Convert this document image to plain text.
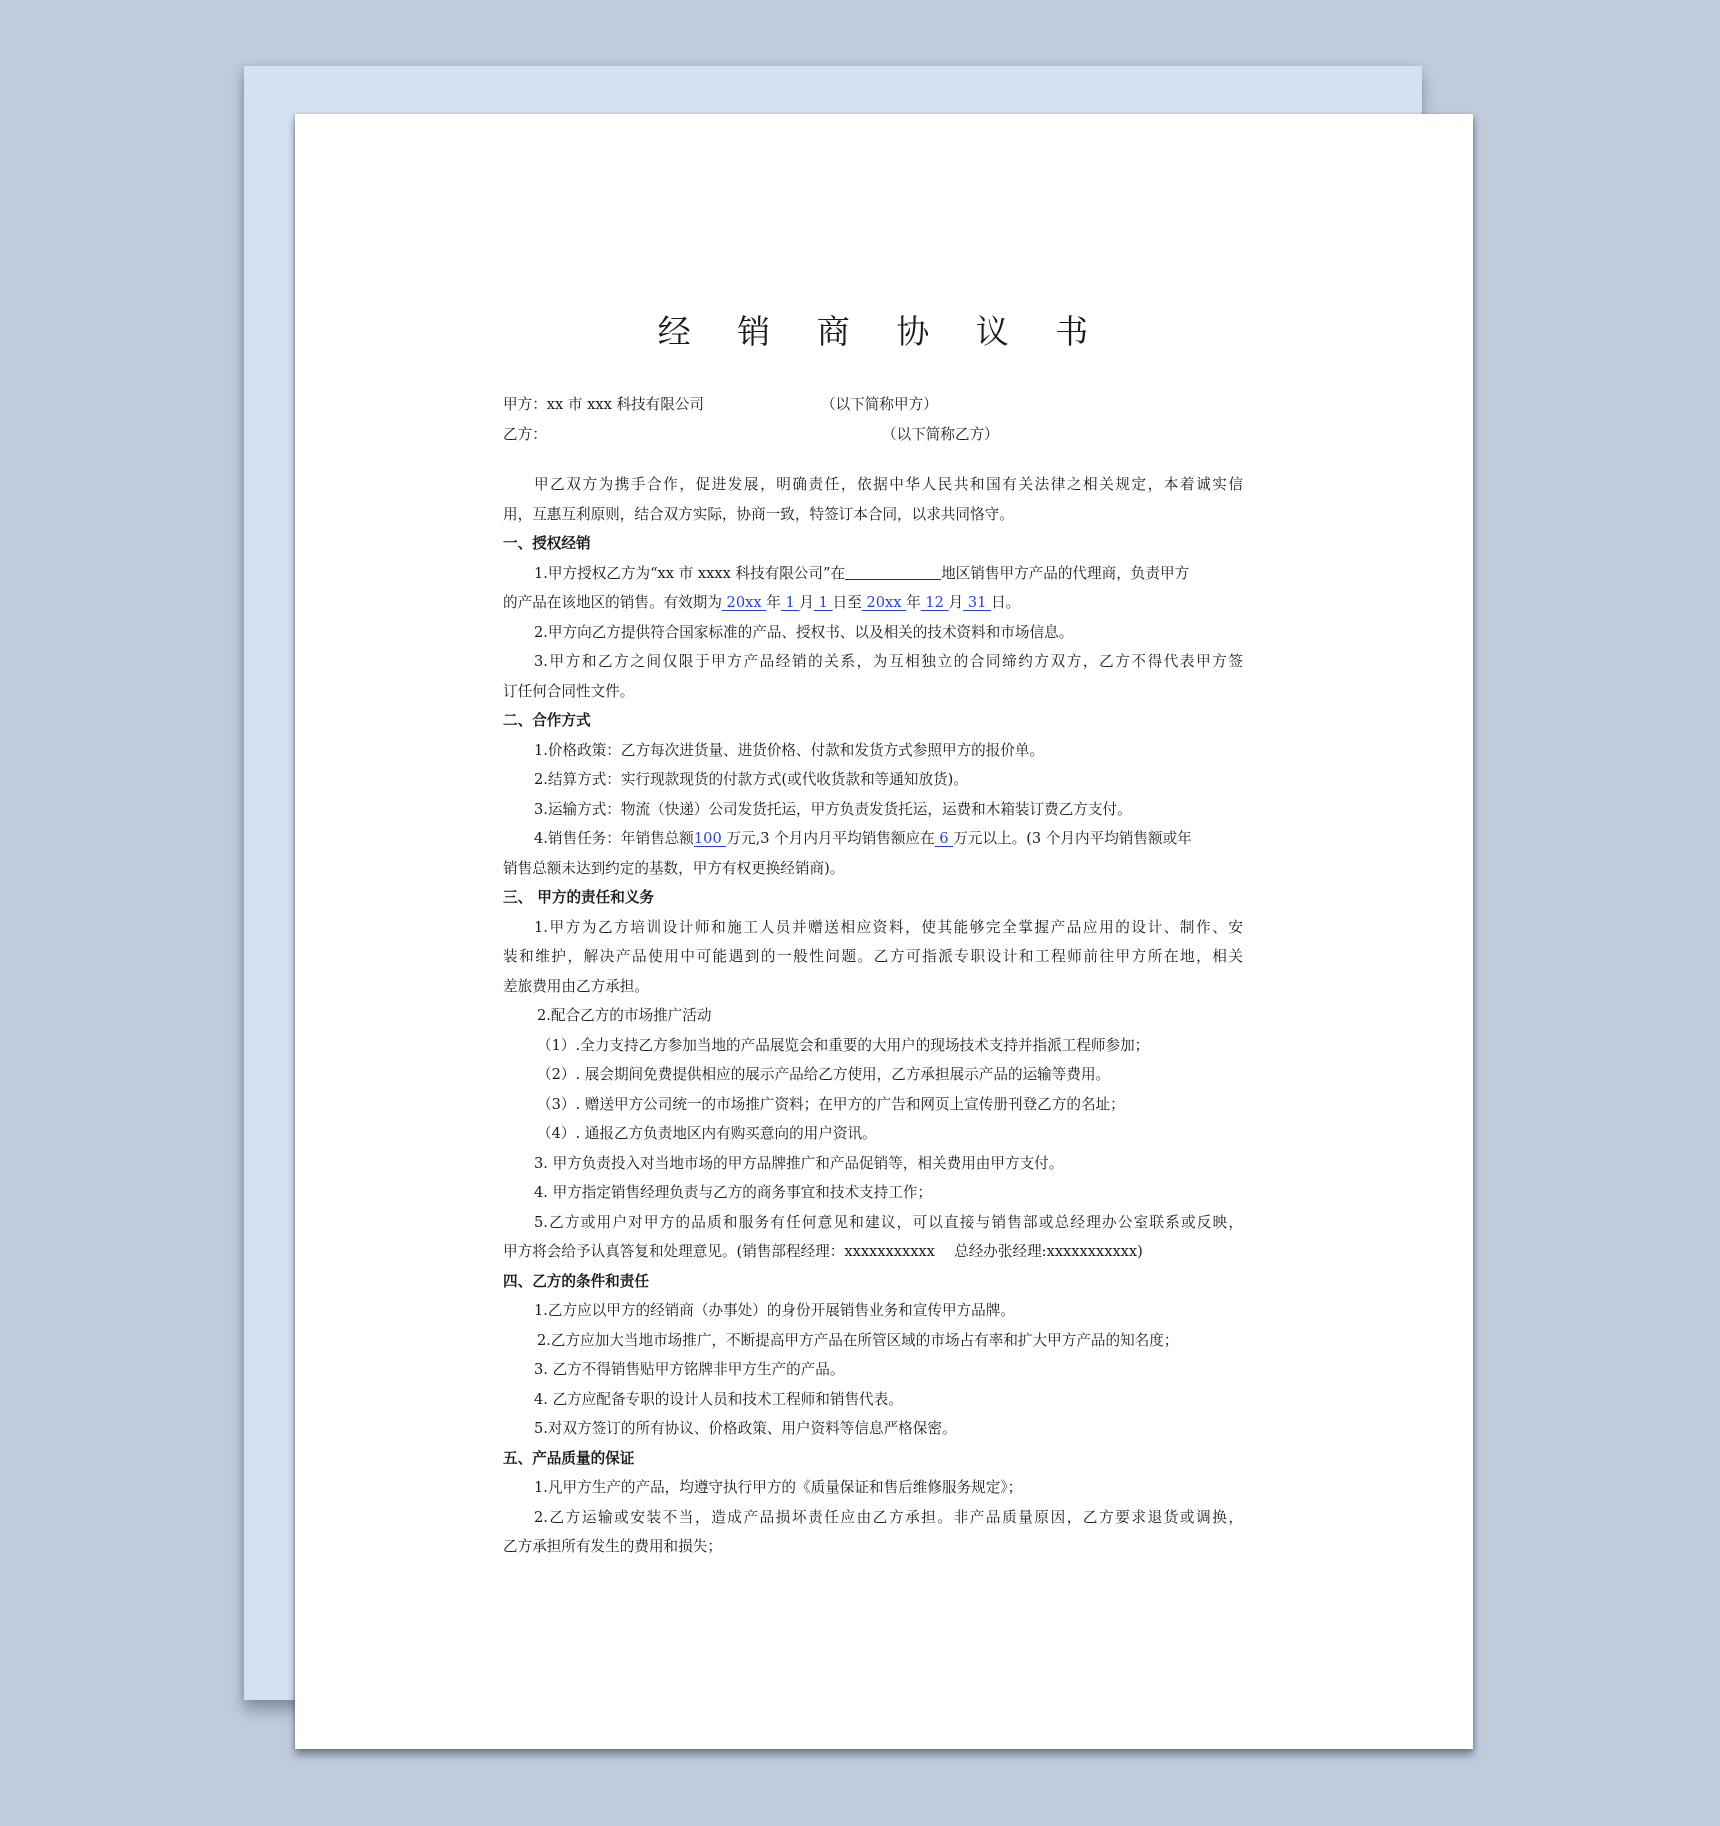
经 销 商 协 议 书
甲方：xx 市 xxx 科技有限公司	（以下简称甲方）
乙方：	（以下简称乙方）
甲乙双方为携手合作，促进发展，明确责任，依据中华人民共和国有关法律之相关规定，本着诚实信
用，互惠互利原则，结合双方实际，协商一致，特签订本合同，以求共同恪守。
一、授权经销
1.甲方授权乙方为“xx 市 xxxx 科技有限公司”在	地区销售甲方产品的代理商，负责甲方
的产品在该地区的销售。有效期为 20xx 年 1 月 1 日至 20xx 年 12 月 31 日。
2.甲方向乙方提供符合国家标准的产品、授权书、以及相关的技术资料和市场信息。
3.甲方和乙方之间仅限于甲方产品经销的关系，为互相独立的合同缔约方双方，乙方不得代表甲方签
订任何合同性文件。
二、合作方式
1.价格政策：乙方每次进货量、进货价格、付款和发货方式参照甲方的报价单。
2.结算方式：实行现款现货的付款方式(或代收货款和等通知放货)。
3.运输方式：物流（快递）公司发货托运，甲方负责发货托运，运费和木箱装订费乙方支付。
4.销售任务：年销售总额100 万元,3 个月内月平均销售额应在 6 万元以上。(3 个月内平均销售额或年
销售总额未达到约定的基数，甲方有权更换经销商)。
三、 甲方的责任和义务
1.甲方为乙方培训设计师和施工人员并赠送相应资料，使其能够完全掌握产品应用的设计、制作、安
装和维护，解决产品使用中可能遇到的一般性问题。乙方可指派专职设计和工程师前往甲方所在地，相关
差旅费用由乙方承担。
2.配合乙方的市场推广活动
（1）.全力支持乙方参加当地的产品展览会和重要的大用户的现场技术支持并指派工程师参加；
（2）. 展会期间免费提供相应的展示产品给乙方使用，乙方承担展示产品的运输等费用。
（3）. 赠送甲方公司统一的市场推广资料；在甲方的广告和网页上宣传册刊登乙方的名址；
（4）. 通报乙方负责地区内有购买意向的用户资讯。
3. 甲方负责投入对当地市场的甲方品牌推广和产品促销等，相关费用由甲方支付。
4. 甲方指定销售经理负责与乙方的商务事宜和技术支持工作；
5.乙方或用户对甲方的品质和服务有任何意见和建议，可以直接与销售部或总经理办公室联系或反映，
甲方将会给予认真答复和处理意见。(销售部程经理：xxxxxxxxxxx　 总经办张经理:xxxxxxxxxxx)
四、乙方的条件和责任
1.乙方应以甲方的经销商（办事处）的身份开展销售业务和宣传甲方品牌。
2.乙方应加大当地市场推广，不断提高甲方产品在所管区域的市场占有率和扩大甲方产品的知名度；
3. 乙方不得销售贴甲方铭牌非甲方生产的产品。
4. 乙方应配备专职的设计人员和技术工程师和销售代表。
5.对双方签订的所有协议、价格政策、用户资料等信息严格保密。
五、产品质量的保证
1.凡甲方生产的产品，均遵守执行甲方的《质量保证和售后维修服务规定》；
2.乙方运输或安装不当，造成产品损坏责任应由乙方承担。非产品质量原因，乙方要求退货或调换，
乙方承担所有发生的费用和损失；
